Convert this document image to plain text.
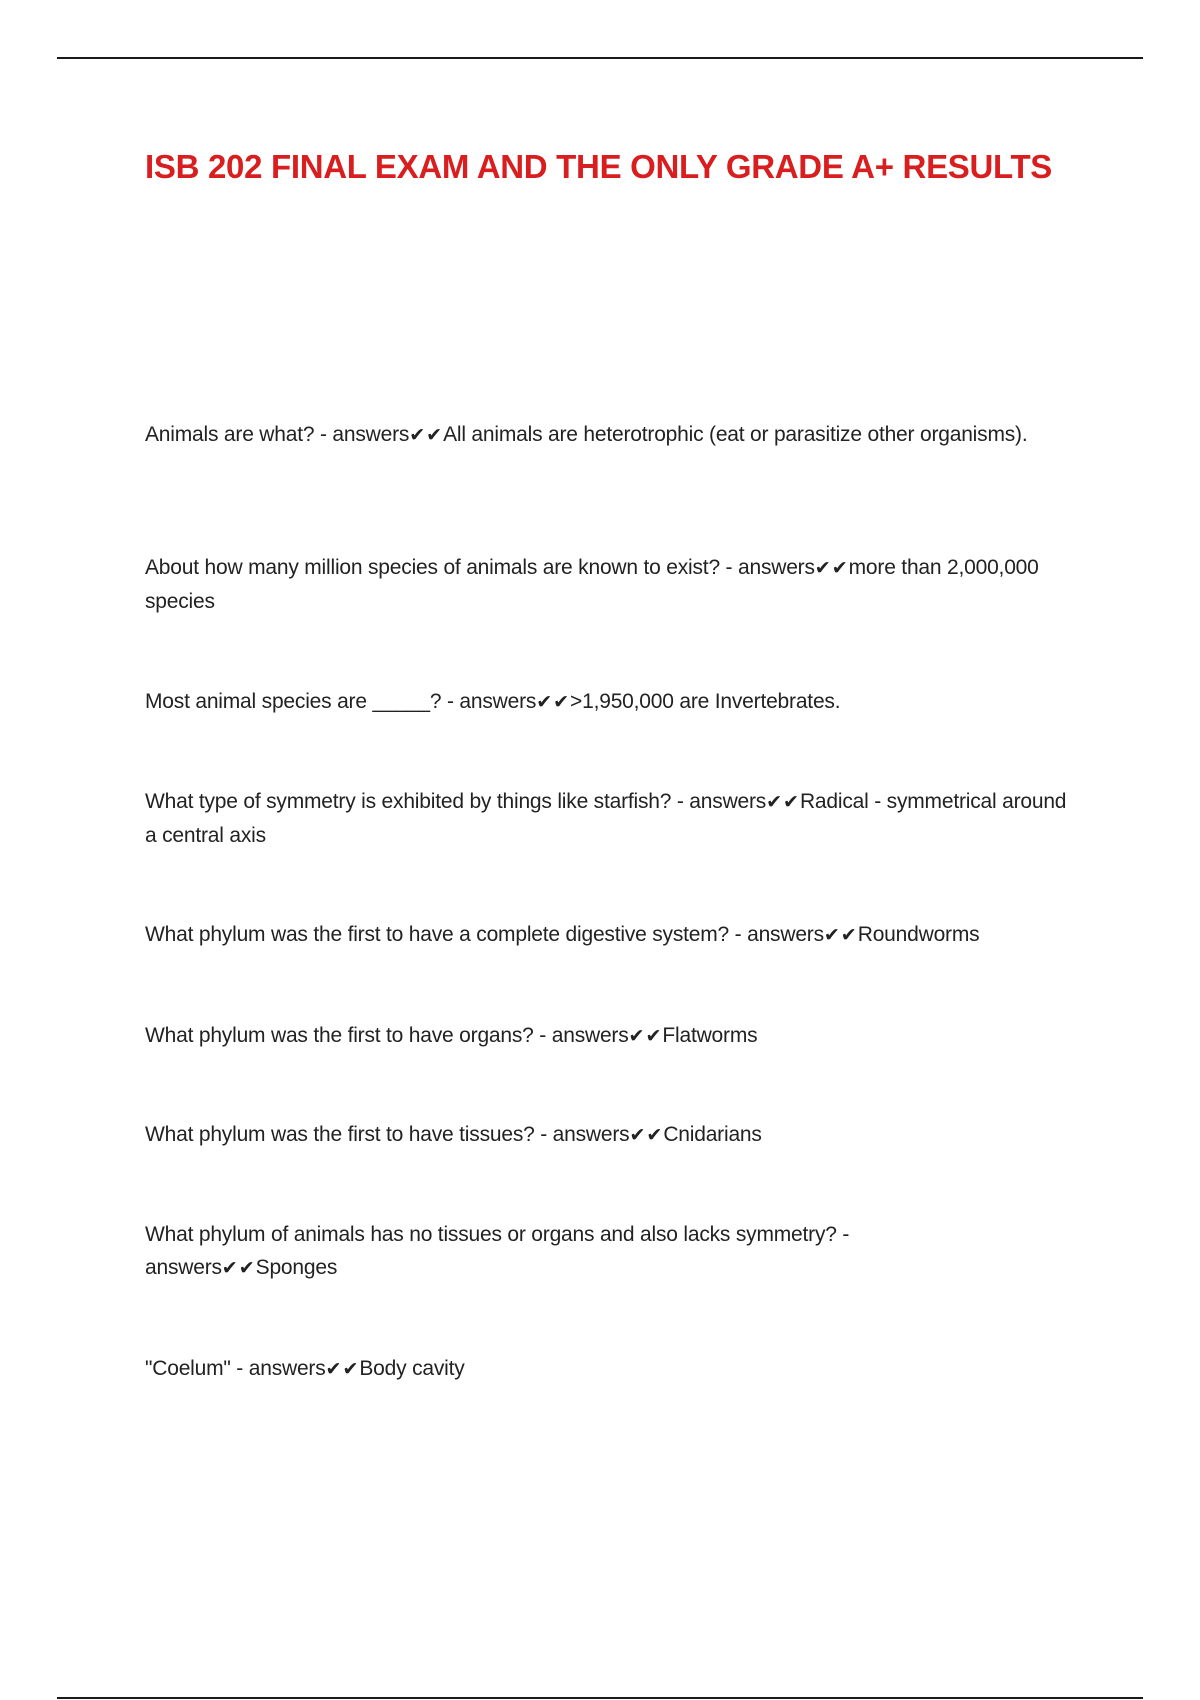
ISB 202 FINAL EXAM AND THE ONLY GRADE A+ RESULTS
Animals are what? - answers✔✔All animals are heterotrophic (eat or parasitize other organisms).
About how many million species of animals are known to exist? - answers✔✔more than 2,000,000 species
Most animal species are _____? - answers✔✔>1,950,000 are Invertebrates.
What type of symmetry is exhibited by things like starfish? - answers✔✔Radical - symmetrical around a central axis
What phylum was the first to have a complete digestive system? - answers✔✔Roundworms
What phylum was the first to have organs? - answers✔✔Flatworms
What phylum was the first to have tissues? - answers✔✔Cnidarians
What phylum of animals has no tissues or organs and also lacks symmetry? - answers✔✔Sponges
"Coelum" - answers✔✔Body cavity
